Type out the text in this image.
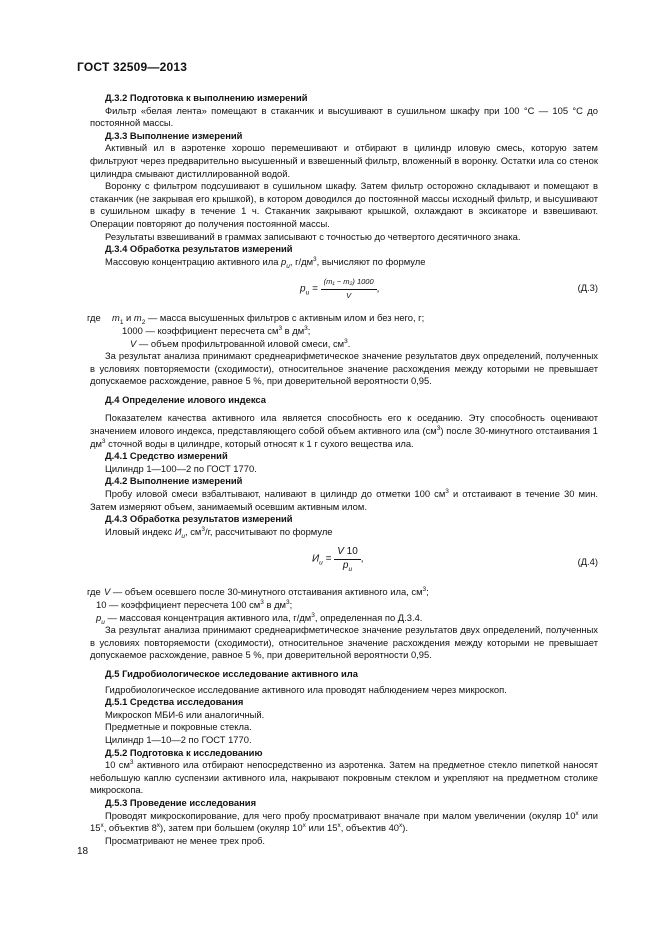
ГОСТ 32509—2013
Д.3.2 Подготовка к выполнению измерений

Фильтр «белая лента» помещают в стаканчик и высушивают в сушильном шкафу при 100 °С — 105 °С до постоянной массы.

Д.3.3 Выполнение измерений

Активный ил в аэротенке хорошо перемешивают и отбирают в цилиндр иловую смесь, которую затем фильтруют через предварительно высушенный и взвешенный фильтр, вложенный в воронку. Остатки ила со стенок цилиндра смывают дистиллированной водой.

Воронку с фильтром подсушивают в сушильном шкафу. Затем фильтр осторожно складывают и помещают в стаканчик (не закрывая его крышкой), в котором доводился до постоянной массы исходный фильтр, и высушивают в сушильном шкафу в течение 1 ч. Стаканчик закрывают крышкой, охлаждают в эксикаторе и взвешивают. Операции повторяют до получения постоянной массы.

Результаты взвешиваний в граммах записывают с точностью до четвертого десятичного знака.

Д.3.4 Обработка результатов измерений

Массовую концентрацию активного ила $р_и$, $г/дм^3$, вычисляют по формуле

$р_и = \frac{\text{(m₁ − m₂) 1000}}{V}$ ,	(Д.3)
где $m_1$ и $m_2$ — масса высушенных фильтров с активным илом и без него, г;
1000 — коэффициент пересчета $см^3$ в $дм^3$;
V — объем профильтрованной иловой смеси, $см^3$.

За результат анализа принимают среднеарифметическое значение результатов двух определений, полученных в условиях повторяемости (сходимости), относительное значение расхождения между которыми не превышает допускаемое расхождение, равное 5 %, при доверительной вероятности 0,95.

Д.4 Определение илового индекса

Показателем качества активного ила является способность его к оседанию. Эту способность оценивают значением илового индекса, представляющего собой объем активного ила $(см^3)$ после 30-минутного отстаивания 1 $дм^3$ сточной воды в цилиндре, который относят к 1 г сухого вещества ила.

Д.4.1 Средство измерений

Цилиндр 1—100—2 по ГОСТ 1770.

Д.4.2 Выполнение измерений

Пробу иловой смеси взбалтывают, наливают в цилиндр до отметки 100 $см^3$ и отстаивают в течение 30 мин. Затем измеряют объем, занимаемый осевшим активным илом.

Д.4.3 Обработка результатов измерений

Иловый индекс $И_и$, $см^3/г$, рассчитывают по формуле

$И_и = \frac{V 10}{р_и}$ ,	(Д.4)
где V — объем осевшего после 30-минутного отстаивания активного ила, $см^3$;
10 — коэффициент пересчета 100 $см^3$ в $дм^3$;
$р_и$ — массовая концентрация активного ила, $г/дм^3$, определенная по Д.3.4.

За результат анализа принимают среднеарифметическое значение результатов двух определений, полученных в условиях повторяемости (сходимости), относительное значение расхождения между которыми не превышает допускаемое расхождение, равное 5 %, при доверительной вероятности 0,95.

Д.5 Гидробиологическое исследование активного ила

Гидробиологическое исследование активного ила проводят наблюдением через микроскоп.

Д.5.1 Средства исследования

Микроскоп МБИ-6 или аналогичный.

Предметные и покровные стекла.

Цилиндр 1—10—2 по ГОСТ 1770.

Д.5.2 Подготовка к исследованию

10 $см^3$ активного ила отбирают непосредственно из аэротенка. Затем на предметное стекло пипеткой наносят небольшую каплю суспензии активного ила, накрывают покровным стеклом и укрепляют на предметном столике микроскопа.

Д.5.3 Проведение исследования

Проводят микроскопирование, для чего пробу просматривают вначале при малом увеличении (окуляр $10^х$ или $15^х$, объектив $8^х$), затем при большем (окуляр $10^х$ или $15^х$, объектив $40^х$).

Просматривают не менее трех проб.

18
